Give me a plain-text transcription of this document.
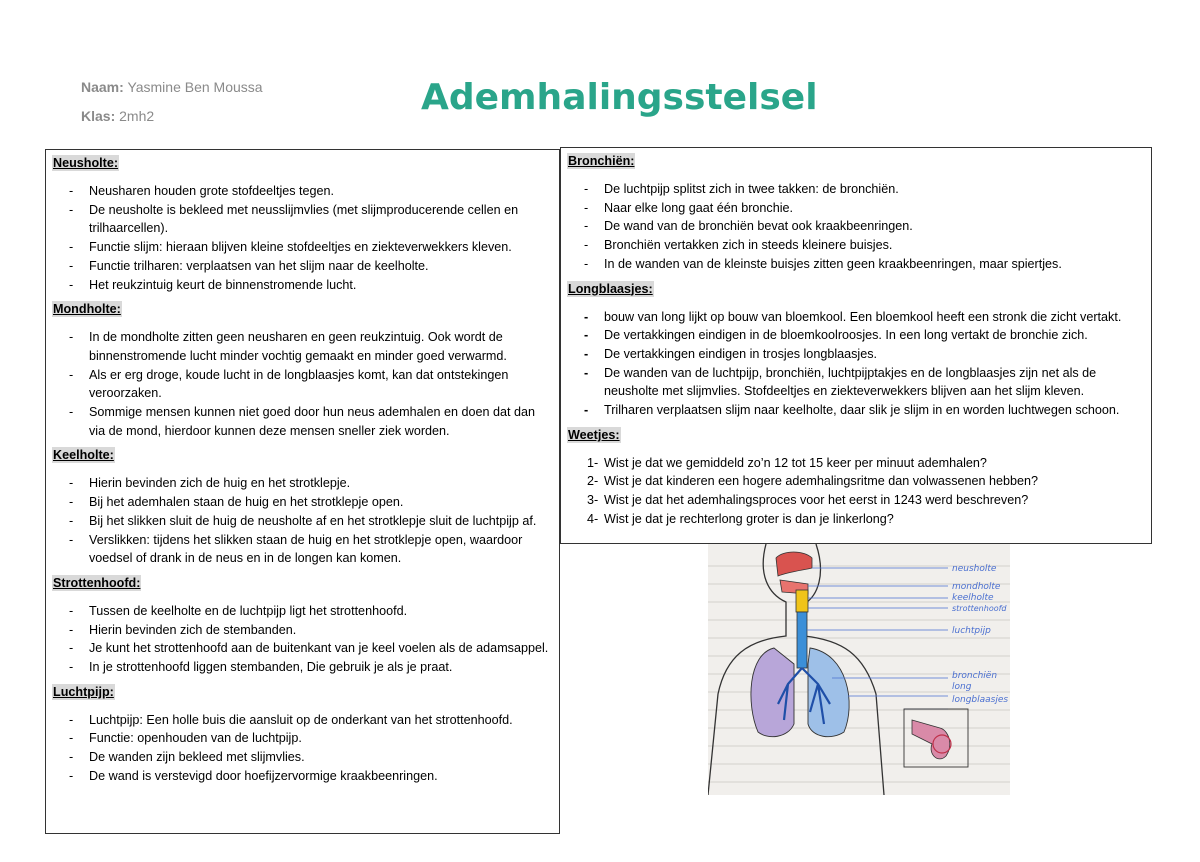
Naam: Yasmine Ben Moussa
Klas: 2mh2	Ademhalingsstelsel
Neusholte:
-
Neusharen houden grote stofdeeltjes tegen.
-
De neusholte is bekleed met neusslijmvlies (met slijmproducerende cellen en trilhaarcellen).
-
Functie slijm: hieraan blijven kleine stofdeeltjes en ziekteverwekkers kleven.
-
Functie trilharen: verplaatsen van het slijm naar de keelholte.
-
Het reukzintuig keurt de binnenstromende lucht.
Mondholte:
-
In de mondholte zitten geen neusharen en geen reukzintuig. Ook wordt de binnenstromende lucht minder vochtig gemaakt en minder goed verwarmd.
-
Als er erg droge, koude lucht in de longblaasjes komt, kan dat ontstekingen veroorzaken.
-
Sommige mensen kunnen niet goed door hun neus ademhalen en doen dat dan via de mond, hierdoor kunnen deze mensen sneller ziek worden.
Keelholte:
-
Hierin bevinden zich de huig en het strotklepje.
-
Bij het ademhalen staan de huig en het strotklepje open.
-
Bij het slikken sluit de huig de neusholte af en het strotklepje sluit de luchtpijp af.
-
Verslikken: tijdens het slikken staan de huig en het strotklepje open, waardoor voedsel of drank in de neus en in de longen kan komen.
Strottenhoofd:
-
Tussen de keelholte en de luchtpijp ligt het strottenhoofd.
-
Hierin bevinden zich de stembanden.
-
Je kunt het strottenhoofd aan de buitenkant van je keel voelen als de adamsappel.
-
In je strottenhoofd liggen stembanden, Die gebruik je als je praat.
Luchtpijp:
-
Luchtpijp: Een holle buis die aansluit op de onderkant van het strottenhoofd.
-
Functie: openhouden van de luchtpijp.
-
De wanden zijn bekleed met slijmvlies.
-
De wand is verstevigd door hoefijzervormige kraakbeenringen.
Bronchiën:
-
De luchtpijp splitst zich in twee takken: de bronchiën.
-
Naar elke long gaat één bronchie.
-
De wand van de bronchiën bevat ook kraakbeenringen.
-
Bronchiën vertakken zich in steeds kleinere buisjes.
-
In de wanden van de kleinste buisjes zitten geen kraakbeenringen, maar spiertjes.
Longblaasjes:
-
bouw van long lijkt op bouw van bloemkool. Een bloemkool heeft een stronk die zicht vertakt.
-
De vertakkingen eindigen in de bloemkoolroosjes. In een long vertakt de bronchie zich.
-
De vertakkingen eindigen in trosjes longblaasjes.
-
De wanden van de luchtpijp, bronchiën, luchtpijptakjes en de longblaasjes zijn net als de neusholte met slijmvlies. Stofdeeltjes en ziekteverwekkers blijven aan het slijm kleven.
-
Trilharen verplaatsen slijm naar keelholte, daar slik je slijm in en worden luchtwegen schoon.
Weetjes:
1- Wist je dat we gemiddeld zo’n 12 tot 15 keer per minuut ademhalen?
2- Wist je dat kinderen een hogere ademhalingsritme dan volwassenen hebben?
3- Wist je dat het ademhalingsproces voor het eerst in 1243 werd beschreven?
4- Wist je dat je rechterlong groter is dan je linkerlong?
neusholte
mondholte
keelholte
strottenhoofd
luchtpijp
bronchiën
long
longblaasjes
